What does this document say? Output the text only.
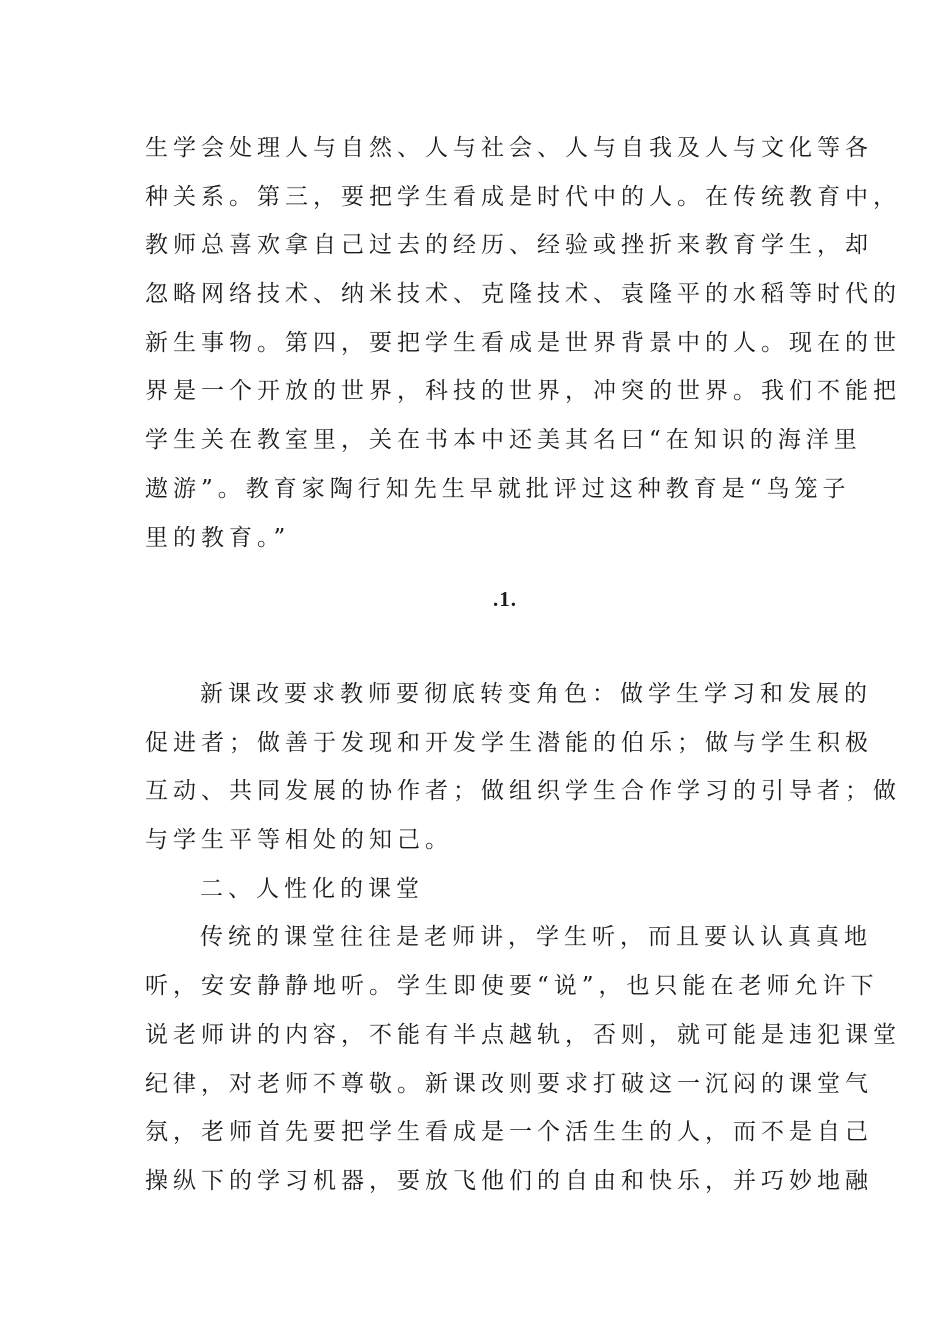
生学会处理人与自然、人与社会、人与自我及人与文化等各
种关系。第三，要把学生看成是时代中的人。在传统教育中，
教师总喜欢拿自己过去的经历、经验或挫折来教育学生，却
忽略网络技术、纳米技术、克隆技术、袁隆平的水稻等时代的
新生事物。第四，要把学生看成是世界背景中的人。现在的世
界是一个开放的世界，科技的世界，冲突的世界。我们不能把
学生关在教室里，关在书本中还美其名曰“在知识的海洋里
遨游”。教育家陶行知先生早就批评过这种教育是“鸟笼子
里的教育。”
.1.
新课改要求教师要彻底转变角色：做学生学习和发展的
促进者；做善于发现和开发学生潜能的伯乐；做与学生积极
互动、共同发展的协作者；做组织学生合作学习的引导者；做
与学生平等相处的知己。
二、人性化的课堂
传统的课堂往往是老师讲，学生听，而且要认认真真地
听，安安静静地听。学生即使要“说”，也只能在老师允许下
说老师讲的内容，不能有半点越轨，否则，就可能是违犯课堂
纪律，对老师不尊敬。新课改则要求打破这一沉闷的课堂气
氛，老师首先要把学生看成是一个活生生的人，而不是自己
操纵下的学习机器，要放飞他们的自由和快乐，并巧妙地融
